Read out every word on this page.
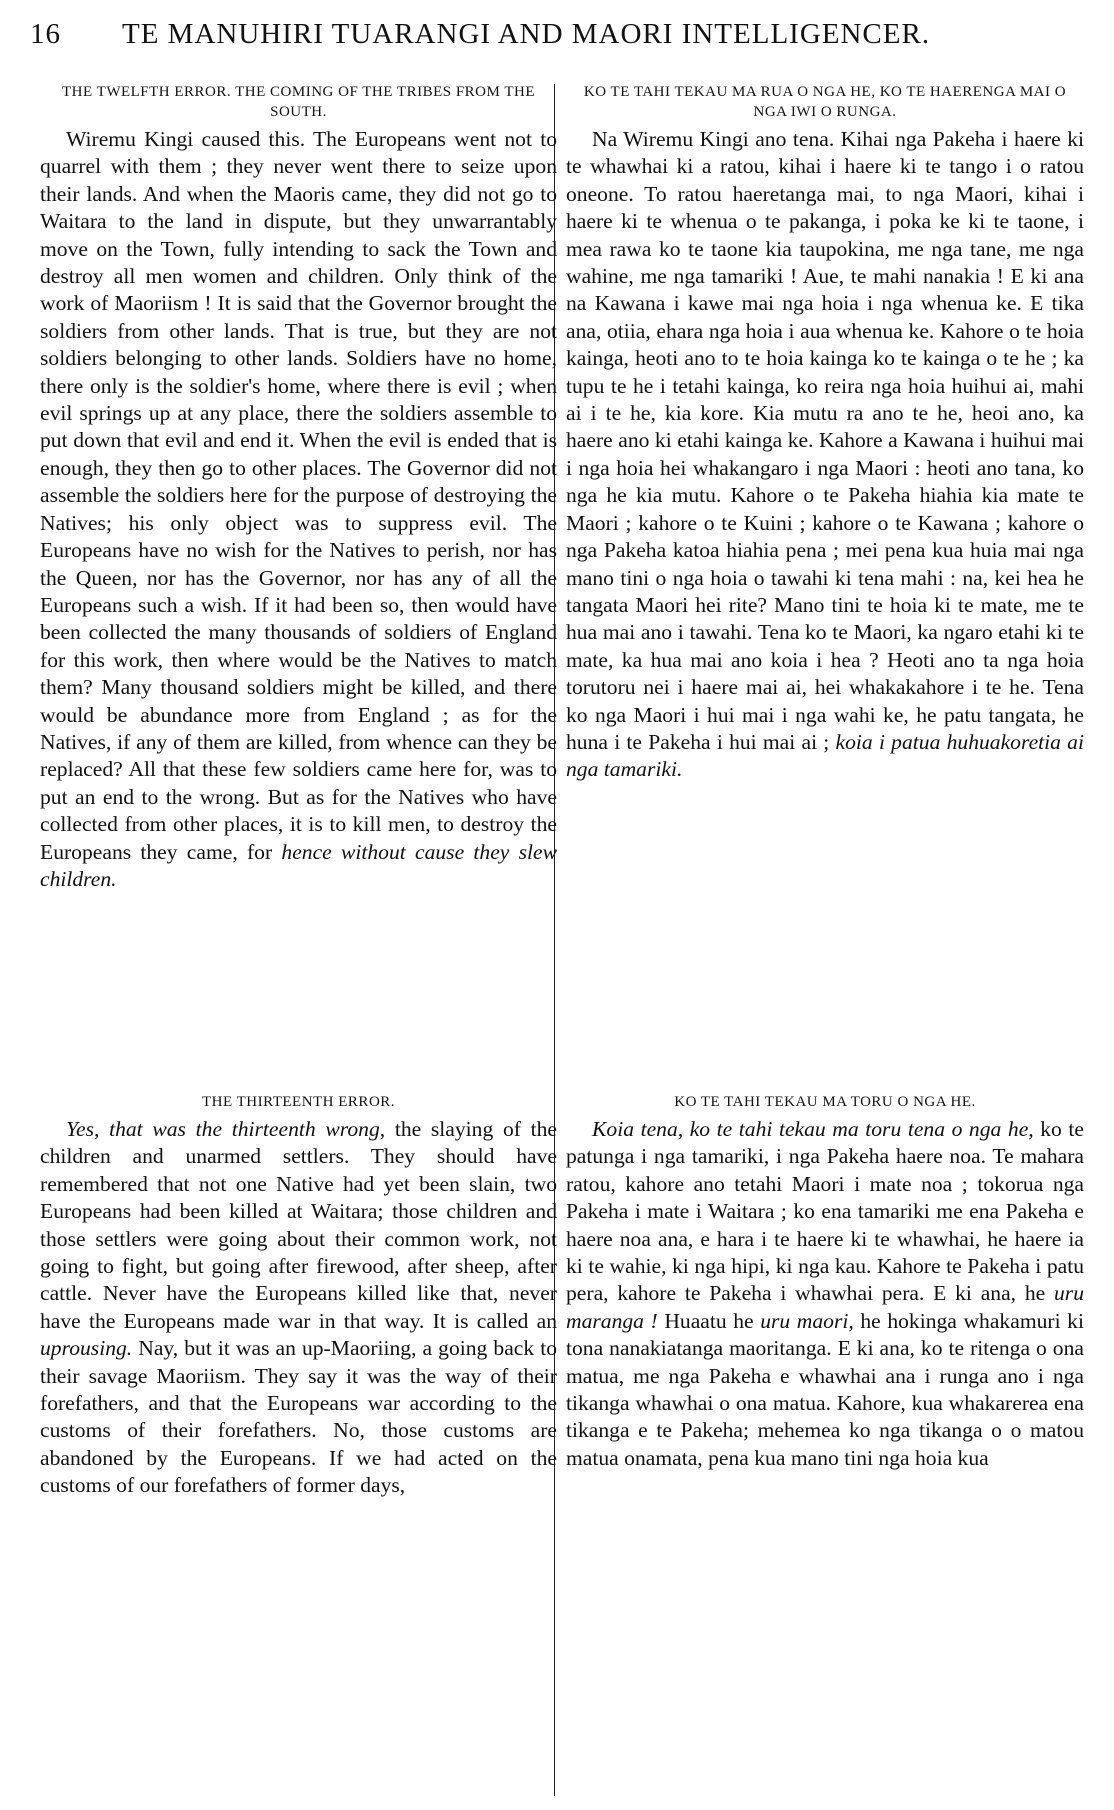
16 TE MANUHIRI TUARANGI AND MAORI INTELLIGENCER.

THE TWELFTH ERROR. THE COMING OF THE TRIBES FROM THE SOUTH.

Wiremu Kingi caused this. The Europeans went not to quarrel with them ; they never went there to seize upon their lands. And when the Maoris came, they did not go to Waitara to the land in dispute, but they unwarrantably move on the Town, fully intending to sack the Town and destroy all men women and children. Only think of the work of Maoriism ! It is said that the Governor brought the soldiers from other lands. That is true, but they are not soldiers belonging to other lands. Soldiers have no home, there only is the soldier's home, where there is evil ; when evil springs up at any place, there the soldiers assemble to put down that evil and end it. When the evil is ended that is enough, they then go to other places. The Governor did not assemble the soldiers here for the purpose of destroying the Natives; his only object was to suppress evil. The Europeans have no wish for the Natives to perish, nor has the Queen, nor has the Governor, nor has any of all the Europeans such a wish. If it had been so, then would have been collected the many thousands of soldiers of England for this work, then where would be the Natives to match them? Many thousand soldiers might be killed, and there would be abundance more from England ; as for the Natives, if any of them are killed, from whence can they be replaced? All that these few soldiers came here for, was to put an end to the wrong. But as for the Natives who have collected from other places, it is to kill men, to destroy the Europeans they came, for hence without cause they slew children.

THE THIRTEENTH ERROR.

Yes, that was the thirteenth wrong, the slaying of the children and unarmed settlers. They should have remembered that not one Native had yet been slain, two Europeans had been killed at Waitara; those children and those settlers were going about their common work, not going to fight, but going after firewood, after sheep, after cattle. Never have the Europeans killed like that, never have the Europeans made war in that way. It is called an uprousing. Nay, but it was an up-Maoriing, a going back to their savage Maoriism. They say it was the way of their forefathers, and that the Europeans war according to the customs of their forefathers. No, those customs are abandoned by the Europeans. If we had acted on the customs of our forefathers of former days,

KO TE TAHI TEKAU MA RUA O NGA HE, KO TE HAERENGA MAI O NGA IWI O RUNGA.

Na Wiremu Kingi ano tena. Kihai nga Pakeha i haere ki te whawhai ki a ratou, kihai i haere ki te tango i o ratou oneone. To ratou haeretanga mai, to nga Maori, kihai i haere ki te whenua o te pakanga, i poka ke ki te taone, i mea rawa ko te taone kia taupokina, me nga tane, me nga wahine, me nga tamariki ! Aue, te mahi nanakia ! E ki ana na Kawana i kawe mai nga hoia i nga whenua ke. E tika ana, otiia, ehara nga hoia i aua whenua ke. Kahore o te hoia kainga, heoti ano to te hoia kainga ko te kainga o te he ; ka tupu te he i tetahi kainga, ko reira nga hoia huihui ai, mahi ai i te he, kia kore. Kia mutu ra ano te he, heoi ano, ka haere ano ki etahi kainga ke. Kahore a Kawana i huihui mai i nga hoia hei whakangaro i nga Maori : heoti ano tana, ko nga he kia mutu. Kahore o te Pakeha hiahia kia mate te Maori ; kahore o te Kuini ; kahore o te Kawana ; kahore o nga Pakeha katoa hiahia pena ; mei pena kua huia mai nga mano tini o nga hoia o tawahi ki tena mahi : na, kei hea he tangata Maori hei rite? Mano tini te hoia ki te mate, me te hua mai ano i tawahi. Tena ko te Maori, ka ngaro etahi ki te mate, ka hua mai ano koia i hea ? Heoti ano ta nga hoia torutoru nei i haere mai ai, hei whakakahore i te he. Tena ko nga Maori i hui mai i nga wahi ke, he patu tangata, he huna i te Pakeha i hui mai ai ; koia i patua huhuakoretia ai nga tamariki.

KO TE TAHI TEKAU MA TORU O NGA HE.

Koia tena, ko te tahi tekau ma toru tena o nga he, ko te patunga i nga tamariki, i nga Pakeha haere noa. Te mahara ratou, kahore ano tetahi Maori i mate noa ; tokorua nga Pakeha i mate i Waitara ; ko ena tamariki me ena Pakeha e haere noa ana, e hara i te haere ki te whawhai, he haere ia ki te wahie, ki nga hipi, ki nga kau. Kahore te Pakeha i patu pera, kahore te Pakeha i whawhai pera. E ki ana, he uru maranga ! Huaatu he uru maori, he hokinga whakamuri ki tona nanakiatanga maoritanga. E ki ana, ko te ritenga o ona matua, me nga Pakeha e whawhai ana i runga ano i nga tikanga whawhai o ona matua. Kahore, kua whakarerea ena tikanga e te Pakeha; mehemea ko nga tikanga o o matou matua onamata, pena kua mano tini nga hoia kua
